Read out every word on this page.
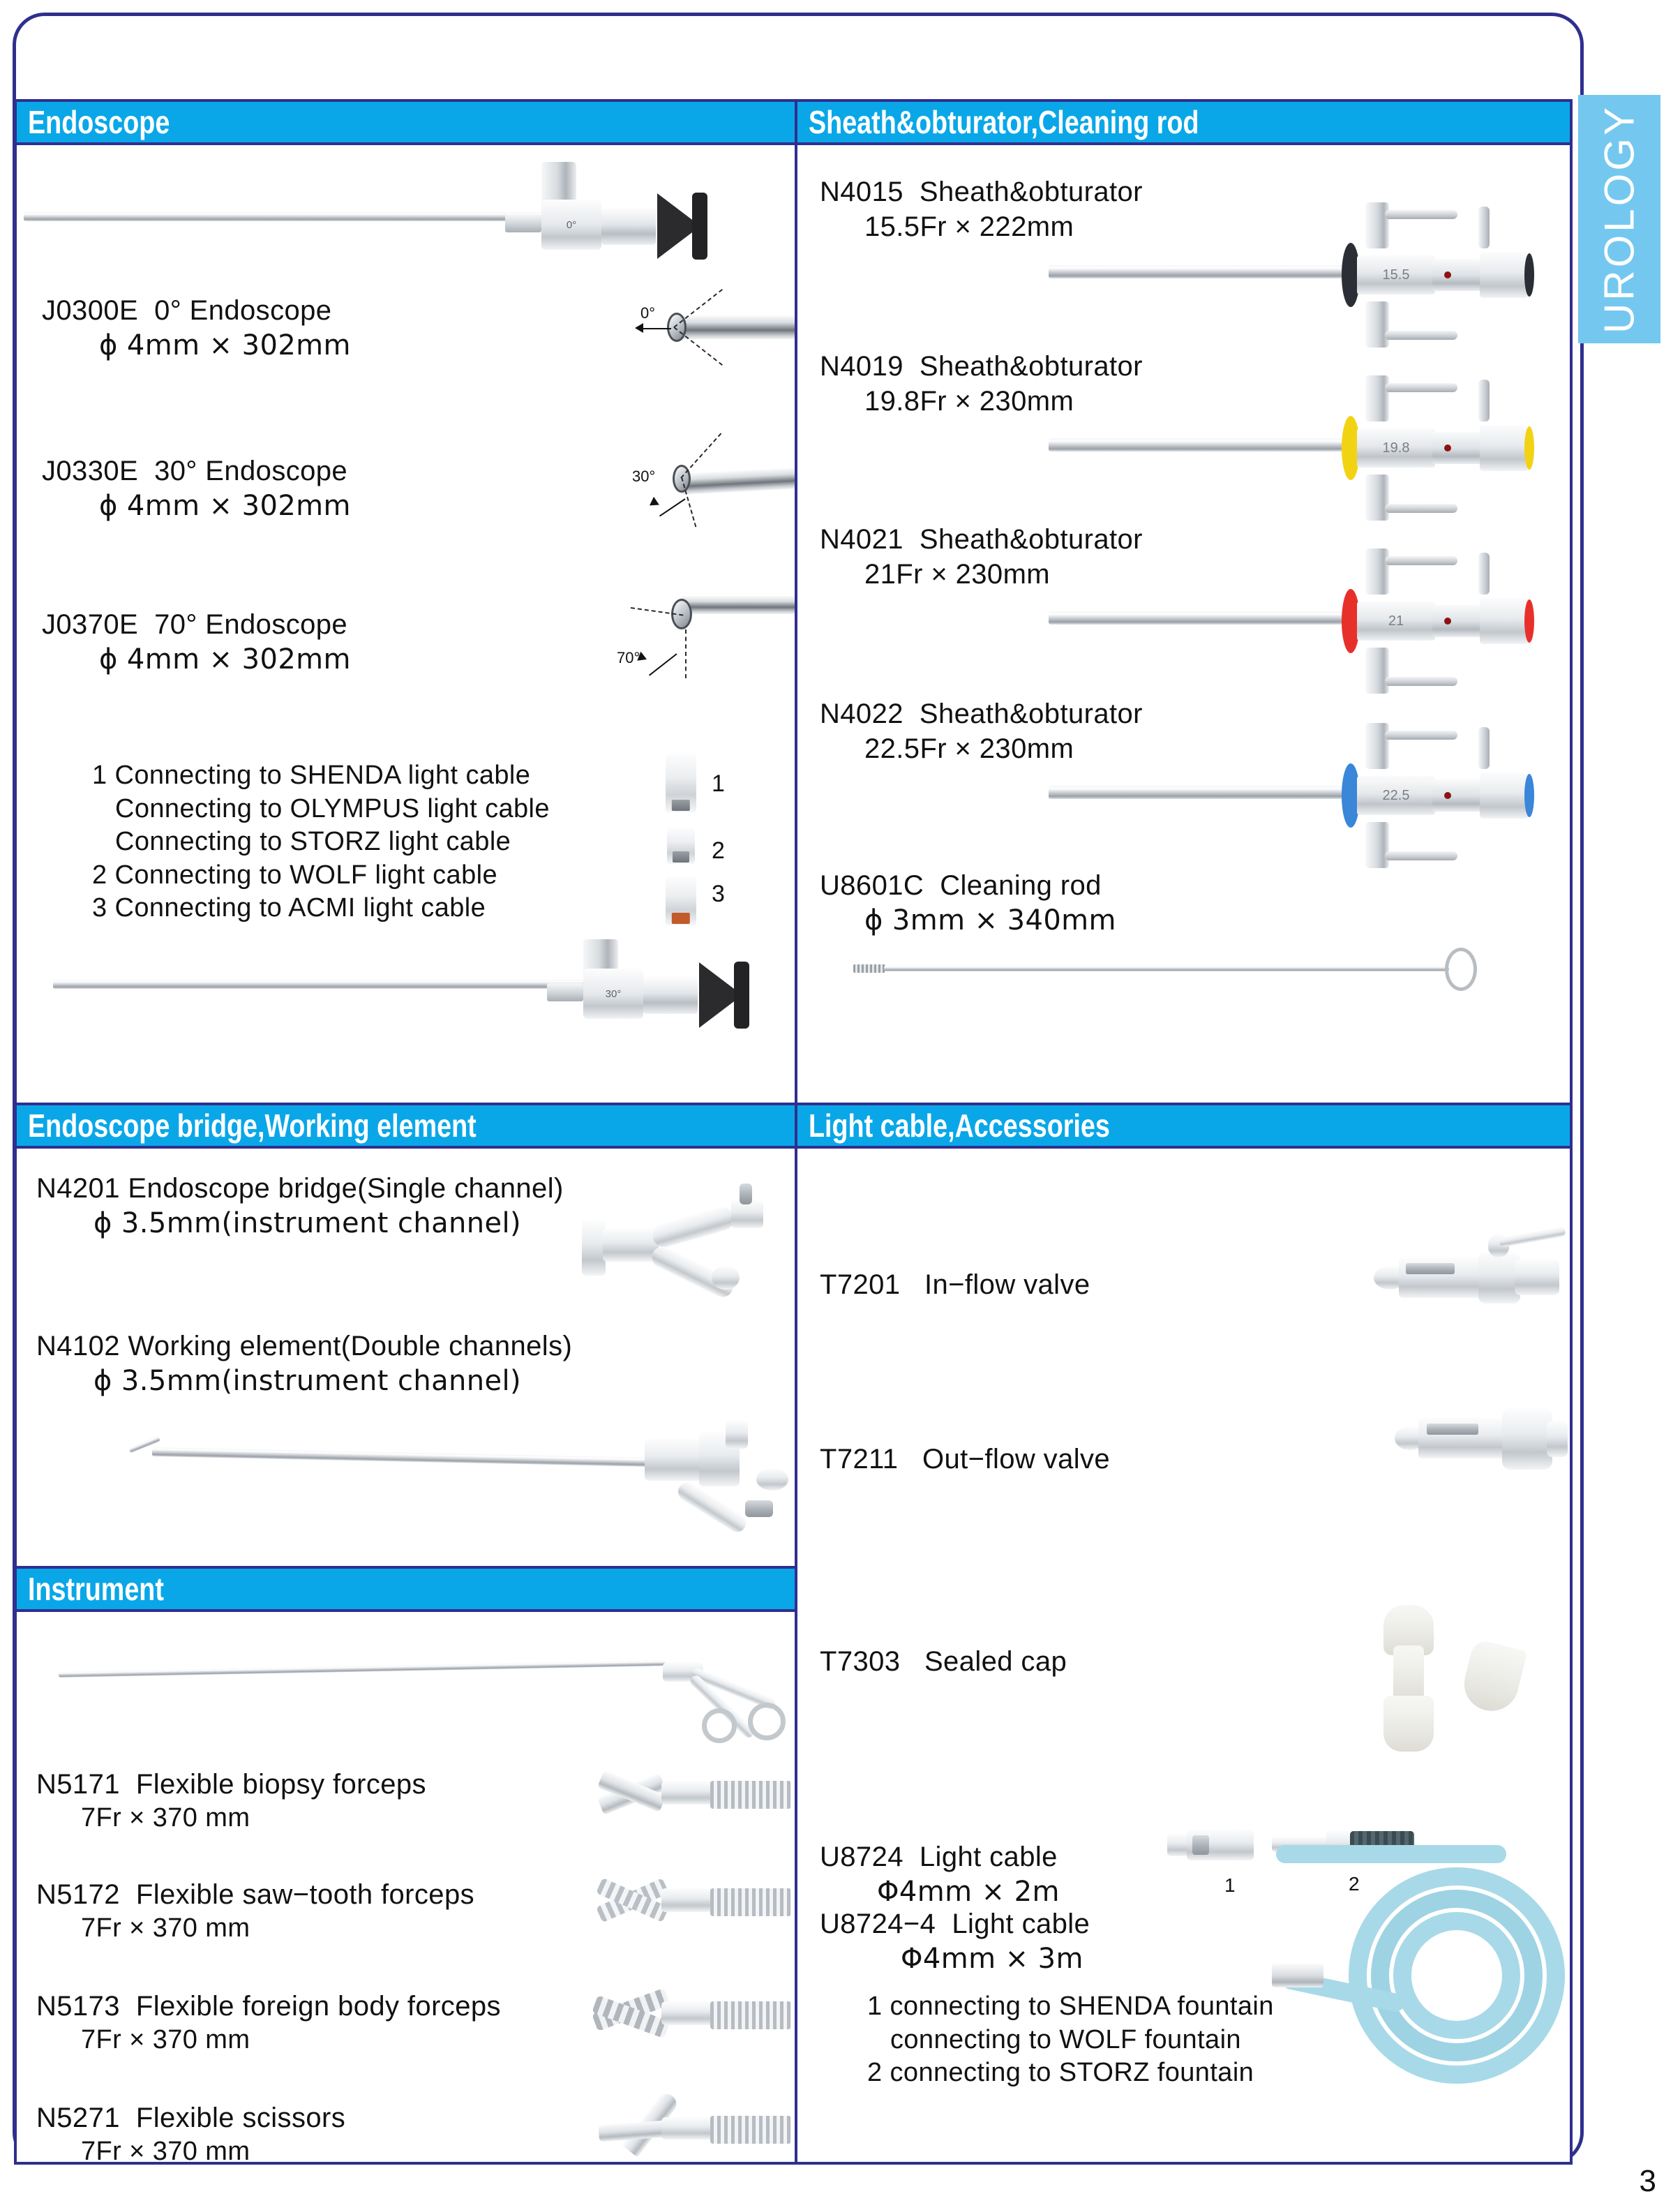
UROLOGY
Endoscope
0°
J0300E 0° Endoscope
ϕ 4mm × 302mm
0°
J0330E 30° Endoscope
ϕ 4mm × 302mm
30°
J0370E 70° Endoscope
ϕ 4mm × 302mm	70°
1 Connecting to SHENDA light cable
Connecting to OLYMPUS light cable
Connecting to STORZ light cable
2 Connecting to WOLF light cable
3 Connecting to ACMI light cable
1
2
3
30°
Sheath&obturator,Cleaning rod
N4015 Sheath&obturator
15.5Fr × 222mm
15.5
N4019 Sheath&obturator
19.8Fr × 230mm
19.8
N4021 Sheath&obturator
21Fr × 230mm
21
N4022 Sheath&obturator
22.5Fr × 230mm
22.5
U8601C Cleaning rod
ϕ 3mm × 340mm
Endoscope bridge,Working element
N4201 Endoscope bridge(Single channel)
ϕ 3.5mm(instrument channel)
N4102 Working element(Double channels)
ϕ 3.5mm(instrument channel)
Instrument
N5171 Flexible biopsy forceps
7Fr × 370 mm
N5172 Flexible saw−tooth forceps
7Fr × 370 mm
N5173 Flexible foreign body forceps
7Fr × 370 mm
N5271 Flexible scissors
7Fr × 370 mm
Light cable,Accessories
T7201 In−flow valve
T7211 Out−flow valve
T7303 Sealed cap
U8724 Light cable
Φ4mm × 2m
U8724−4 Light cable
Φ4mm × 3m
1 connecting to SHENDA fountain
connecting to WOLF fountain
2 connecting to STORZ fountain
1	2
3
